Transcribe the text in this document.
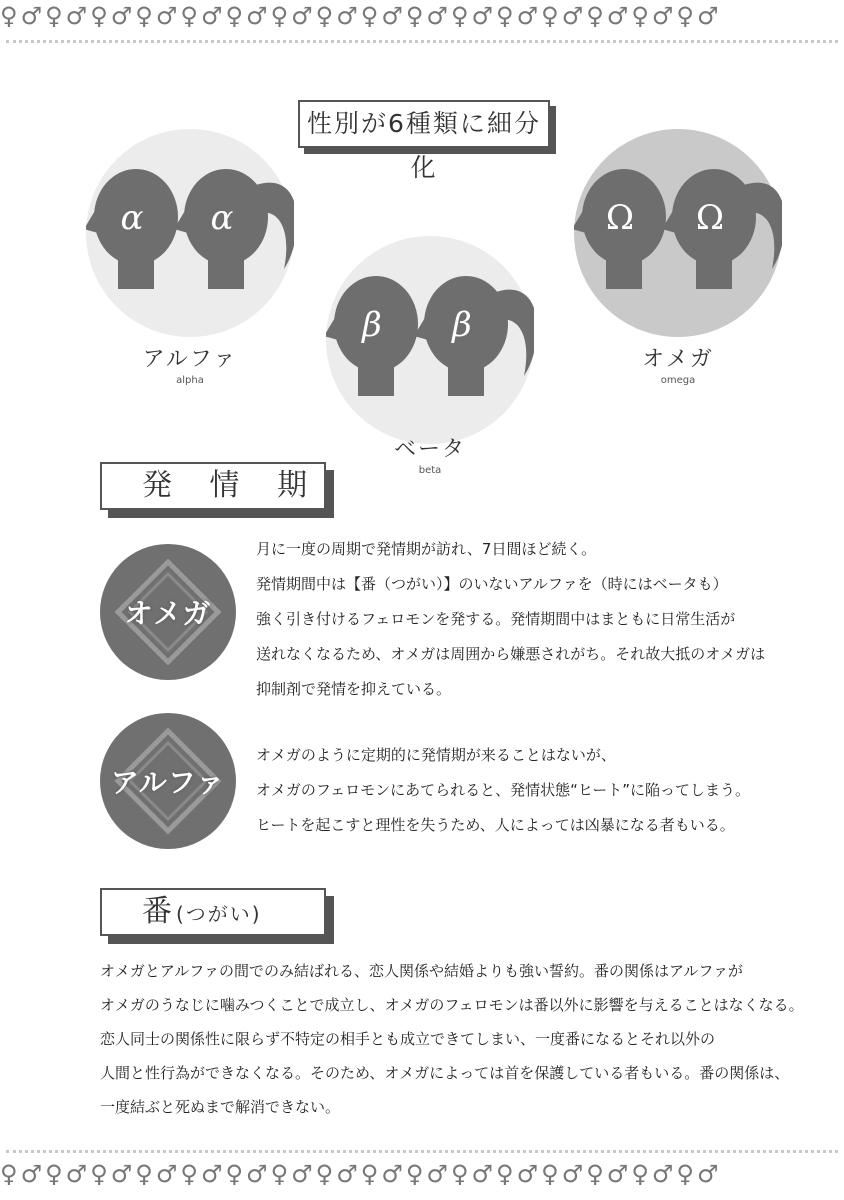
♀♂♀♂♀♂♀♂♀♂♀♂♀♂♀♂♀♂♀♂♀♂♀♂♀♂♀♂♀♂♀♂
性別が6種類に細分化
α α
アルファ
alpha
β β
ベータ
beta
Ω Ω
オメガ
omega
発 情 期
オメガ
月に一度の周期で発情期が訪れ、7日間ほど続く。
発情期間中は【番（つがい）】のいないアルファを（時にはベータも）
強く引き付けるフェロモンを発する。発情期間中はまともに日常生活が
送れなくなるため、オメガは周囲から嫌悪されがち。それ故大抵のオメガは
抑制剤で発情を抑えている。
アルファ
オメガのように定期的に発情期が来ることはないが、
オメガのフェロモンにあてられると、発情状態“ヒート”に陥ってしまう。
ヒートを起こすと理性を失うため、人によっては凶暴になる者もいる。
番(つがい)
オメガとアルファの間でのみ結ばれる、恋人関係や結婚よりも強い誓約。番の関係はアルファが
オメガのうなじに噛みつくことで成立し、オメガのフェロモンは番以外に影響を与えることはなくなる。
恋人同士の関係性に限らず不特定の相手とも成立できてしまい、一度番になるとそれ以外の
人間と性行為ができなくなる。そのため、オメガによっては首を保護している者もいる。番の関係は、
一度結ぶと死ぬまで解消できない。
♀♂♀♂♀♂♀♂♀♂♀♂♀♂♀♂♀♂♀♂♀♂♀♂♀♂♀♂♀♂♀♂
